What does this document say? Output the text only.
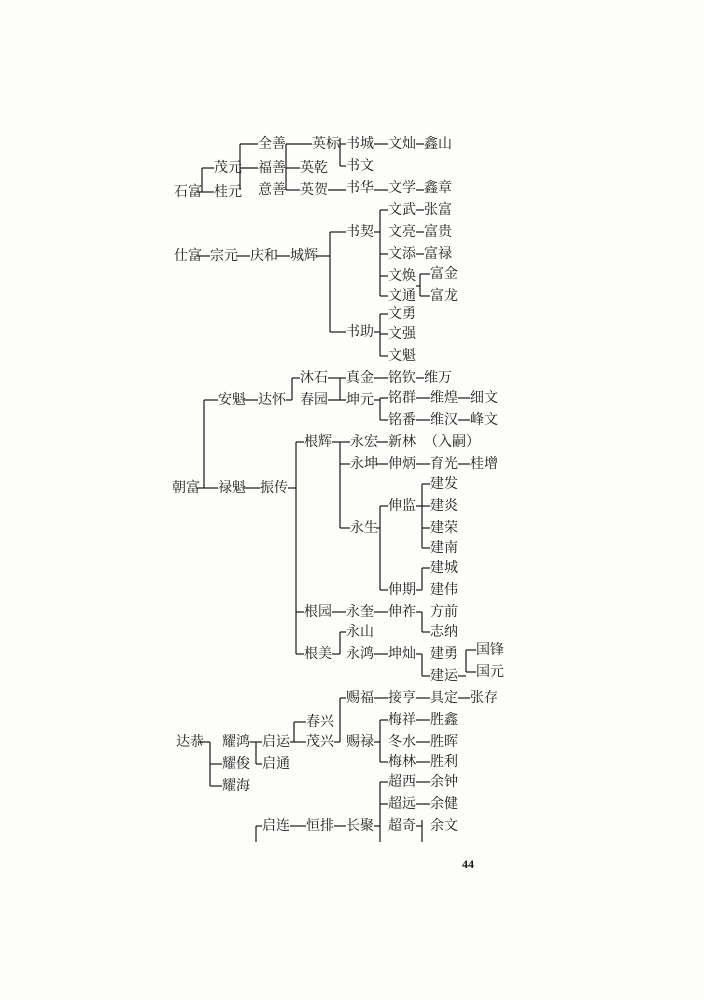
44
全善 英标 书城 文灿 鑫山
茂元 福善 英乾 书文
石富 桂元 意善 英贺 书华 文学 鑫章
仕富 宗元 庆和 城辉
书契
文武 张富
文亮 富贵
文添 富禄
文焕 富金
文通 富龙
书助
文勇
文强
文魁
安魁 达怀
沐石
春园
真金 铭钦 维万
坤元 铭群 维煌 细文
铭番 维汉 峰文
朝富 禄魁 振传
根辉 永宏 新林 （入嗣）
永坤 伸炳 育光 桂增
永生
伸监
建发
建炎
建荣
建南
伸期
建城
建伟
根园 永奎 伸祚 方前
志纳
根美
永山
永鸿 坤灿 建勇
建运
国锋
国元
达恭 耀鸿
耀俊
耀海
启运
启通
春兴
茂兴
赐福 接亨 具定 张存
赐禄
梅祥 胜鑫
冬水 胜晖
梅林 胜利
超西 余钟
超远 余健
启连 恒排 长聚 超奇 余文
